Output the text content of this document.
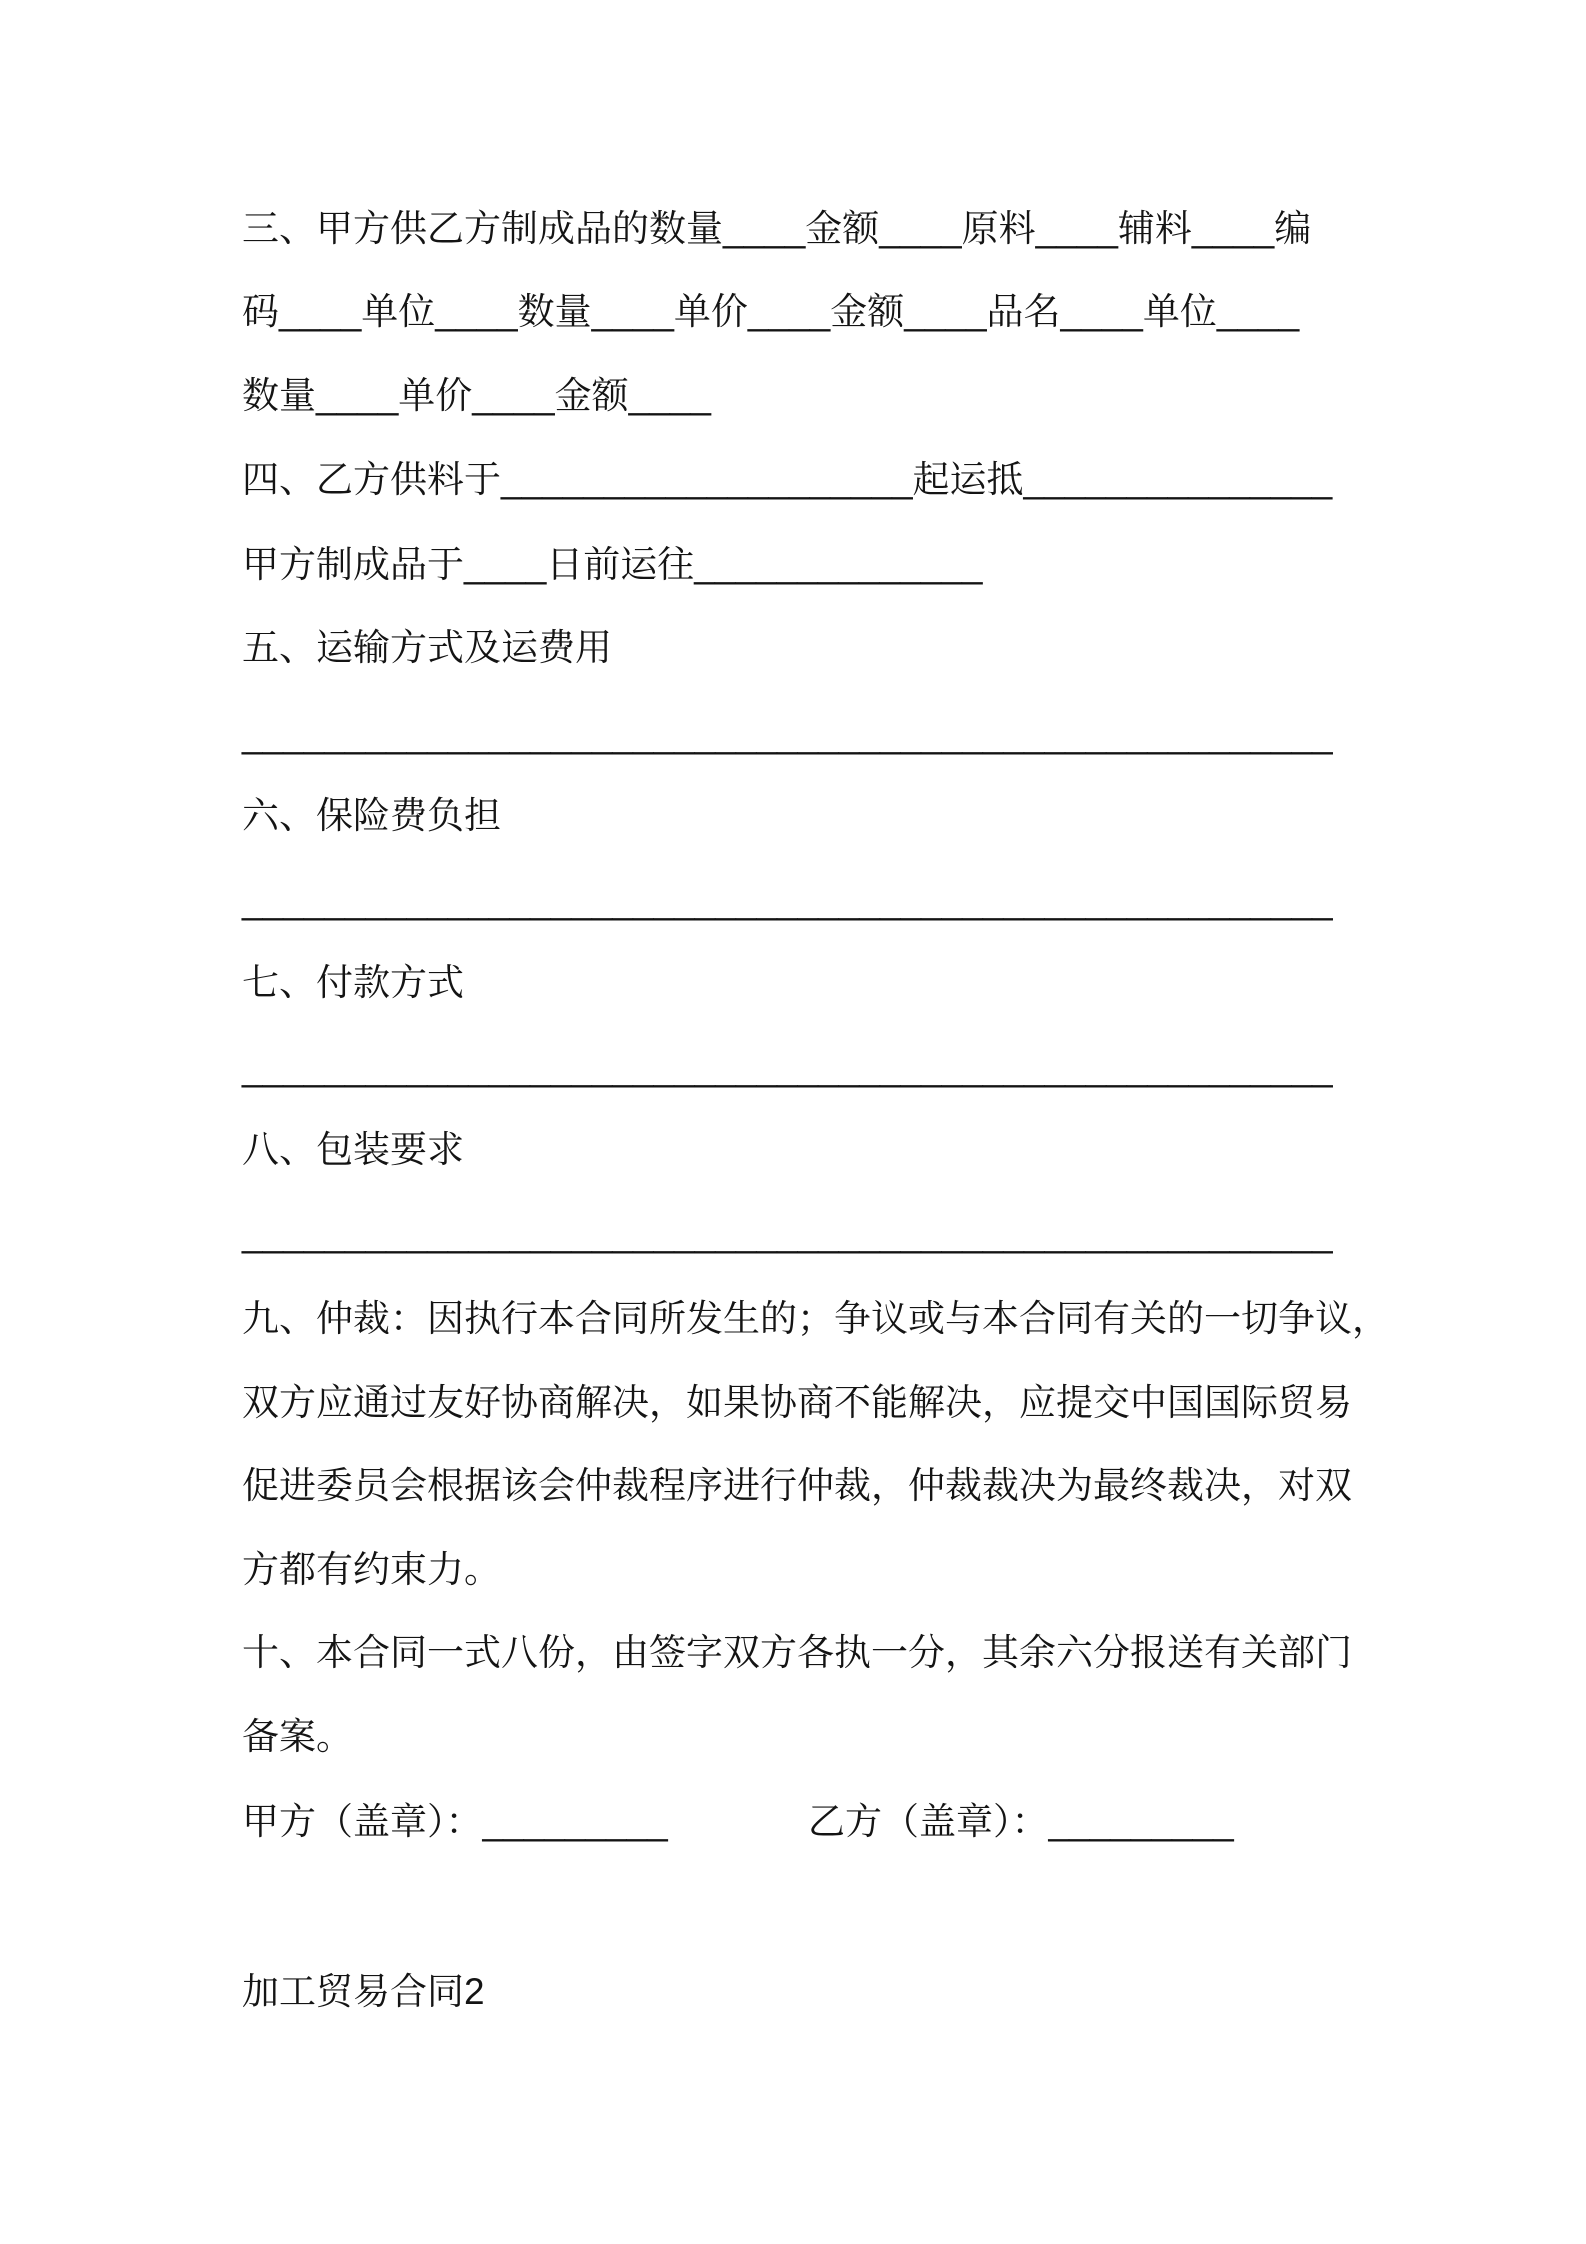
三、甲方供乙方制成品的数量____金额____原料____辅料____编
码____单位____数量____单价____金额____品名____单位____
数量____单价____金额____
四、乙方供料于____________________起运抵_______________
甲方制成品于____日前运往______________
五、运输方式及运费用
_____________________________________________________
六、保险费负担
_____________________________________________________
七、付款方式
_____________________________________________________
八、包装要求
_____________________________________________________
九、仲裁：因执行本合同所发生的；争议或与本合同有关的一切争议，
双方应通过友好协商解决，如果协商不能解决，应提交中国国际贸易
促进委员会根据该会仲裁程序进行仲裁，仲裁裁决为最终裁决，对双
方都有约束力。
十、本合同一式八份，由签字双方各执一分，其余六分报送有关部门
备案。
甲方（盖章）：_________	乙方（盖章）：_________
加工贸易合同2
